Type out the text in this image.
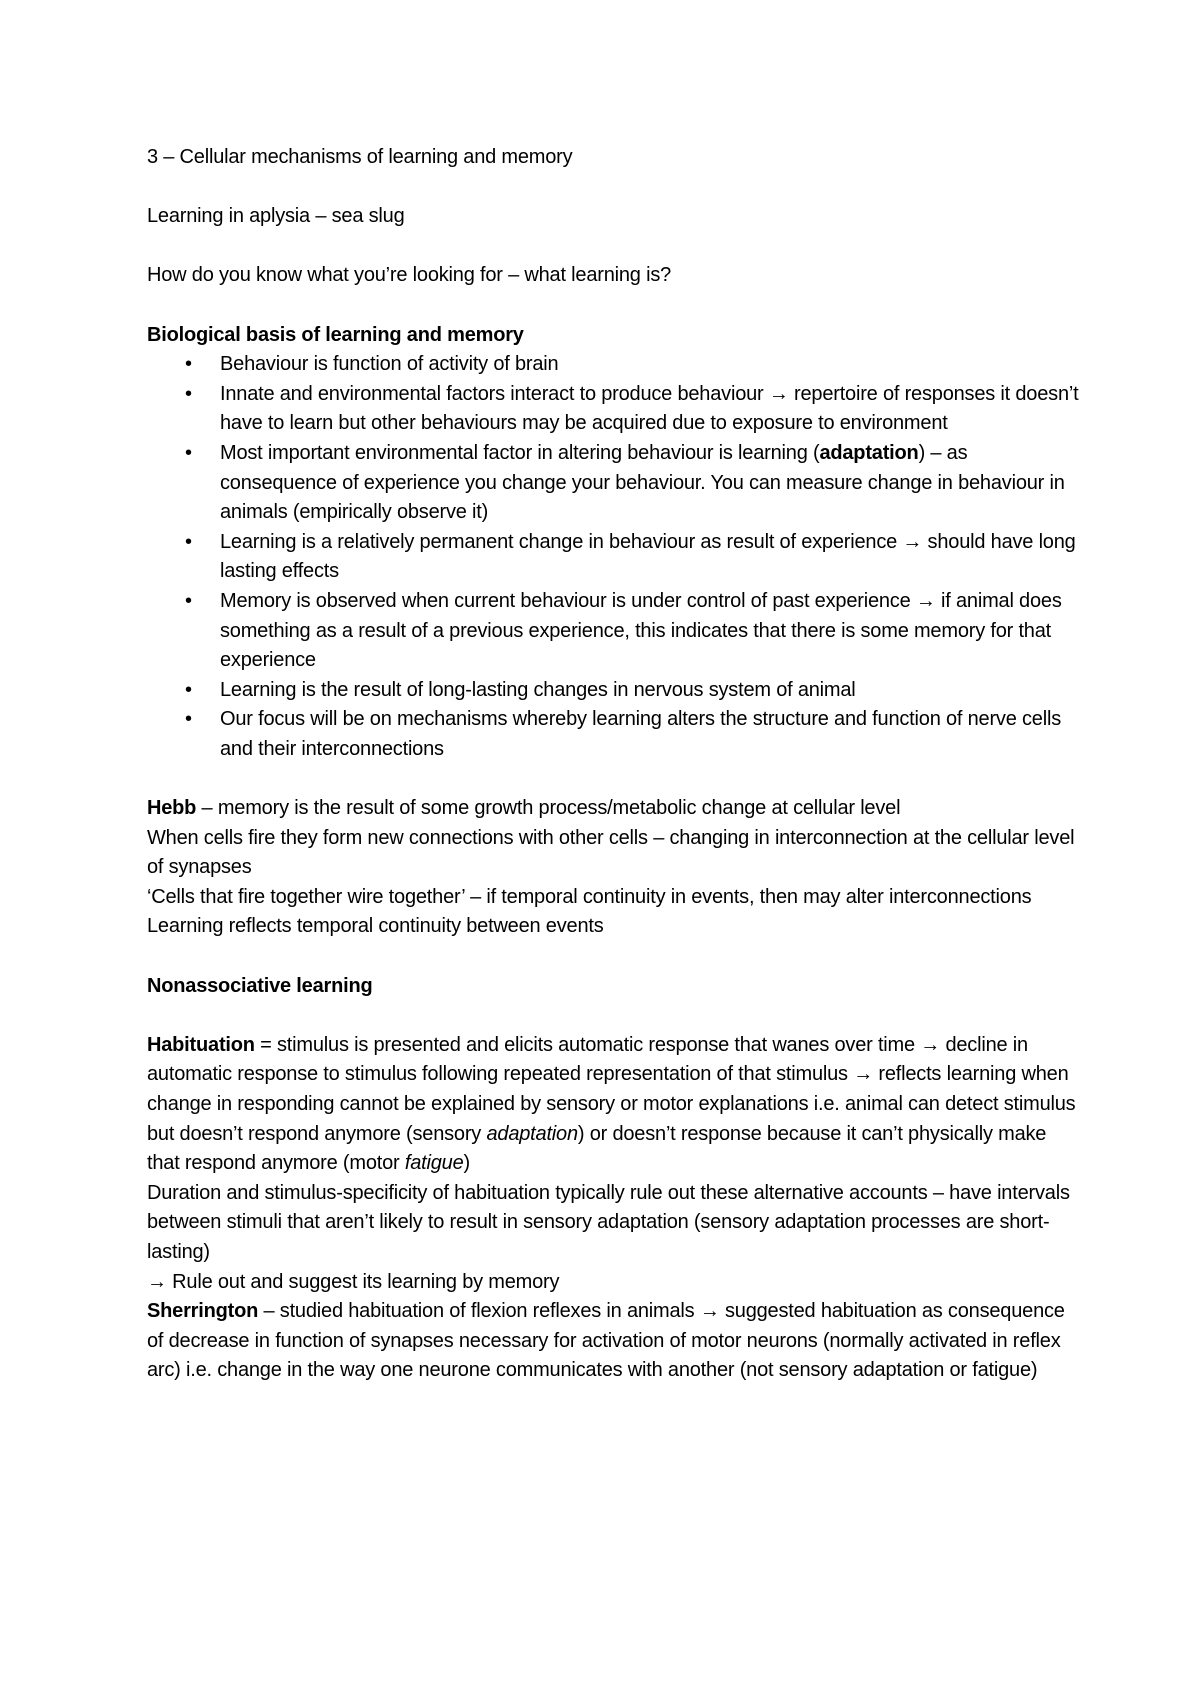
3 – Cellular mechanisms of learning and memory

Learning in aplysia – sea slug

How do you know what you’re looking for – what learning is?

Biological basis of learning and memory

• Behaviour is function of activity of brain
• Innate and environmental factors interact to produce behaviour → repertoire of responses it doesn’t have to learn but other behaviours may be acquired due to exposure to environment
• Most important environmental factor in altering behaviour is learning (adaptation) – as consequence of experience you change your behaviour. You can measure change in behaviour in animals (empirically observe it)
• Learning is a relatively permanent change in behaviour as result of experience → should have long lasting effects
• Memory is observed when current behaviour is under control of past experience → if animal does something as a result of a previous experience, this indicates that there is some memory for that experience
• Learning is the result of long-lasting changes in nervous system of animal
• Our focus will be on mechanisms whereby learning alters the structure and function of nerve cells and their interconnections

Hebb – memory is the result of some growth process/metabolic change at cellular level

When cells fire they form new connections with other cells – changing in interconnection at the cellular level of synapses

‘Cells that fire together wire together’ – if temporal continuity in events, then may alter interconnections

Learning reflects temporal continuity between events

Nonassociative learning

Habituation = stimulus is presented and elicits automatic response that wanes over time → decline in automatic response to stimulus following repeated representation of that stimulus → reflects learning when change in responding cannot be explained by sensory or motor explanations i.e. animal can detect stimulus but doesn’t respond anymore (sensory adaptation) or doesn’t response because it can’t physically make that respond anymore (motor fatigue)

Duration and stimulus-specificity of habituation typically rule out these alternative accounts – have intervals between stimuli that aren’t likely to result in sensory adaptation (sensory adaptation processes are short-lasting)

→ Rule out and suggest its learning by memory

Sherrington – studied habituation of flexion reflexes in animals → suggested habituation as consequence of decrease in function of synapses necessary for activation of motor neurons (normally activated in reflex arc) i.e. change in the way one neurone communicates with another (not sensory adaptation or fatigue)
